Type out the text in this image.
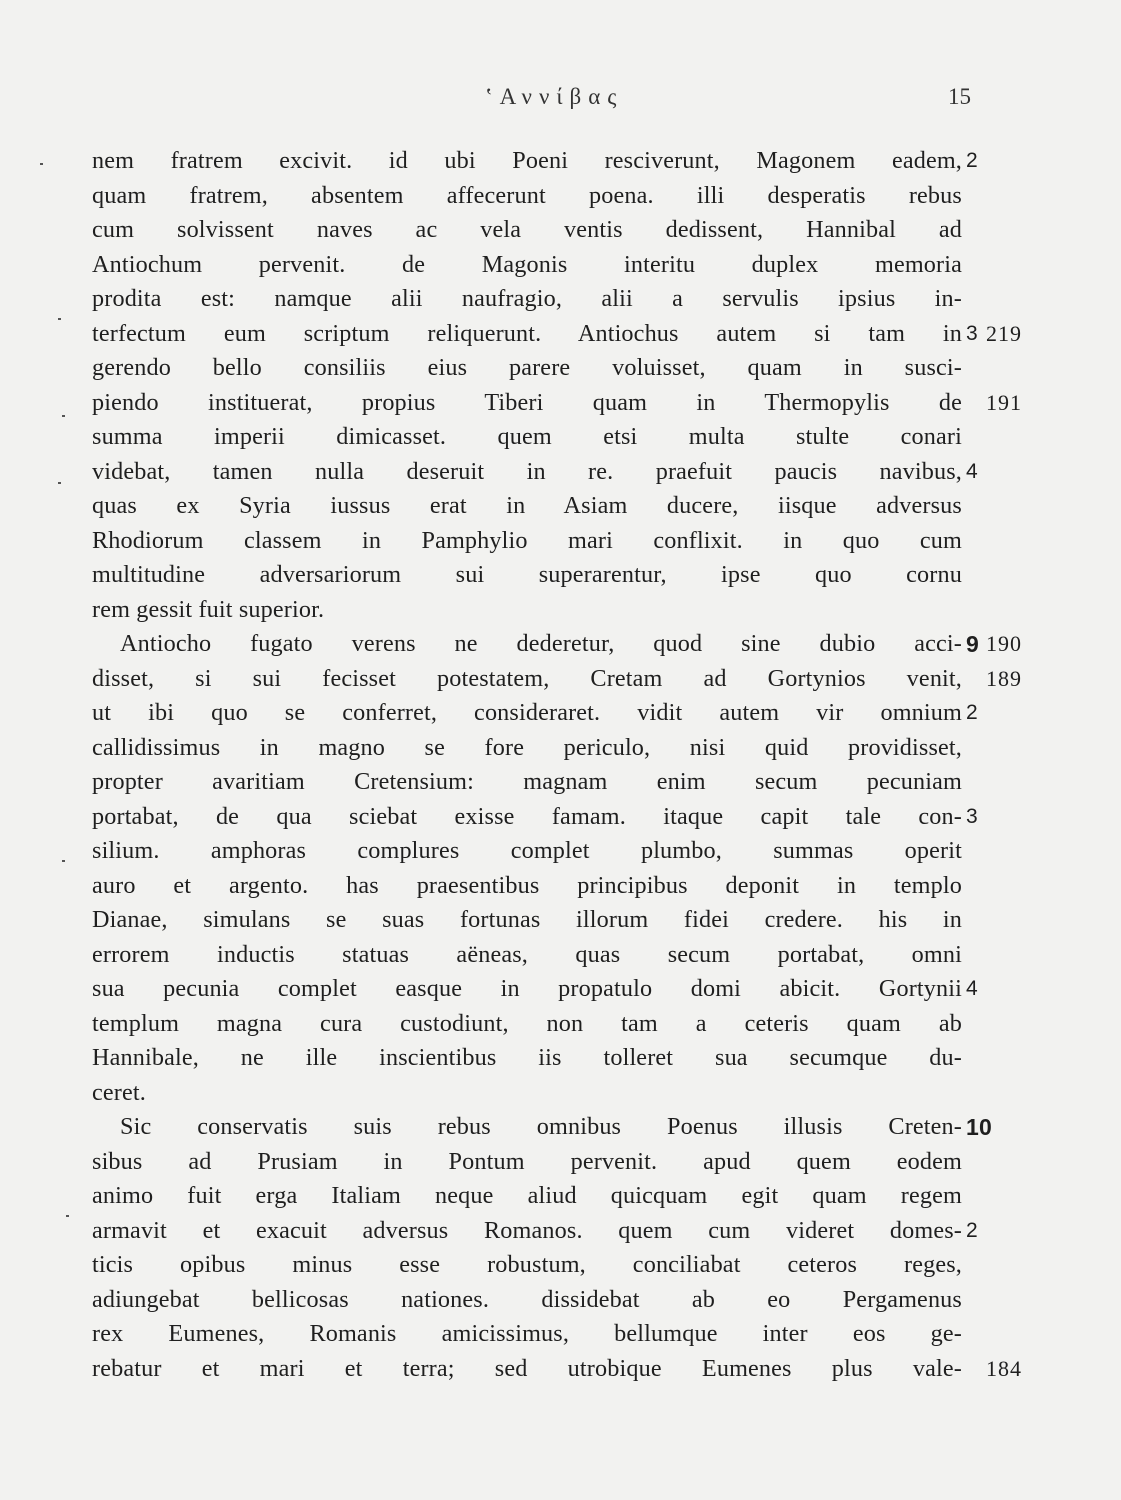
ʽΑννίβας	15
nem fratrem excivit. id ubi Poeni resciverunt, Magonem eadem, 2
quam fratrem, absentem affecerunt poena. illi desperatis rebus
cum solvissent naves ac vela ventis dedissent, Hannibal ad
Antiochum pervenit. de Magonis interitu duplex memoria
prodita est: namque alii naufragio, alii a servulis ipsius in-
terfectum eum scriptum reliquerunt. Antiochus autem si tam in 3 219
gerendo bello consiliis eius parere voluisset, quam in susci-
piendo instituerat, propius Tiberi quam in Thermopylis de 191
summa imperii dimicasset. quem etsi multa stulte conari
videbat, tamen nulla deseruit in re. praefuit paucis navibus, 4
quas ex Syria iussus erat in Asiam ducere, iisque adversus
Rhodiorum classem in Pamphylio mari conflixit. in quo cum
multitudine adversariorum sui superarentur, ipse quo cornu
rem gessit fuit superior.
Antiocho fugato verens ne dederetur, quod sine dubio acci- 9 190
disset, si sui fecisset potestatem, Cretam ad Gortynios venit, 189
ut ibi quo se conferret, consideraret. vidit autem vir omnium 2
callidissimus in magno se fore periculo, nisi quid providisset,
propter avaritiam Cretensium: magnam enim secum pecuniam
portabat, de qua sciebat exisse famam. itaque capit tale con- 3
silium. amphoras complures complet plumbo, summas operit
auro et argento. has praesentibus principibus deponit in templo
Dianae, simulans se suas fortunas illorum fidei credere. his in
errorem inductis statuas aëneas, quas secum portabat, omni
sua pecunia complet easque in propatulo domi abicit. Gortynii 4
templum magna cura custodiunt, non tam a ceteris quam ab
Hannibale, ne ille inscientibus iis tolleret sua secumque du-
ceret.
Sic conservatis suis rebus omnibus Poenus illusis Creten- 10
sibus ad Prusiam in Pontum pervenit. apud quem eodem
animo fuit erga Italiam neque aliud quicquam egit quam regem
armavit et exacuit adversus Romanos. quem cum videret domes- 2
ticis opibus minus esse robustum, conciliabat ceteros reges,
adiungebat bellicosas nationes. dissidebat ab eo Pergamenus
rex Eumenes, Romanis amicissimus, bellumque inter eos ge-
rebatur et mari et terra; sed utrobique Eumenes plus vale- 184
